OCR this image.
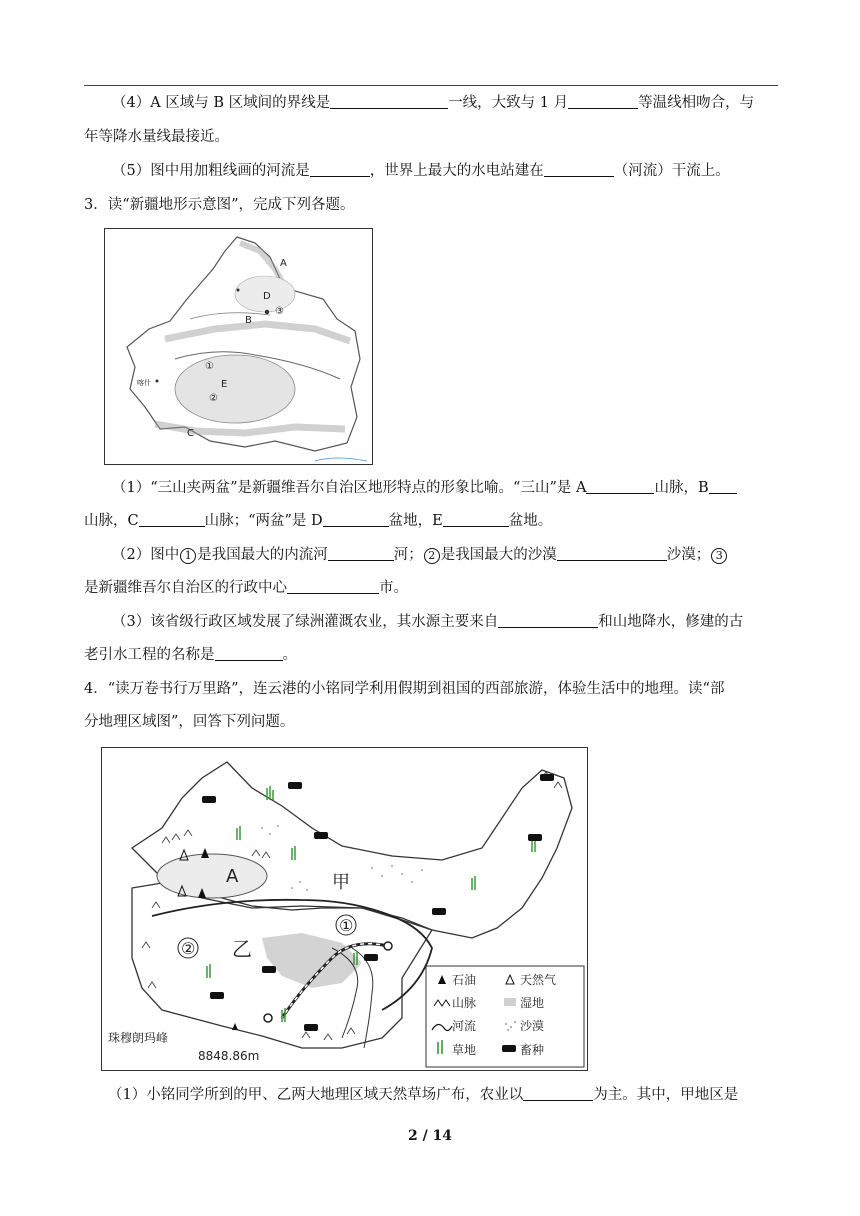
（4）A 区域与 B 区域间的界线是	一线，大致与 1 月	等温线相吻合，与
年等降水量线最接近。
（5）图中用加粗线画的河流是	，世界上最大的水电站建在	（河流）干流上。
3．读“新疆地形示意图”，完成下列各题。
A
D
③
B
①
E
②
喀什
C
（1）“三山夹两盆”是新疆维吾尔自治区地形特点的形象比喻。“三山”是 A	山脉，B
山脉，C	山脉；“两盆”是 D	盆地，E	盆地。
（2）图中 1 是我国最大的内流河	河； 2 是我国最大的沙漠	沙漠； 3
是新疆维吾尔自治区的行政中心	市。
（3）该省级行政区域发展了绿洲灌溉农业，其水源主要来自	和山地降水，修建的古
老引水工程的名称是	。
4．“读万卷书行万里路”，连云港的小铭同学利用假期到祖国的西部旅游，体验生活中的地理。读“部
分地理区域图”，回答下列问题。
A	甲
乙
②
①
珠穆朗玛峰
8848.86m
石油	天然气
山脉	湿地
河流	沙漠
草地	畜种
（1）小铭同学所到的甲、乙两大地理区域天然草场广布，农业以	为主。其中，甲地区是
2 / 14
